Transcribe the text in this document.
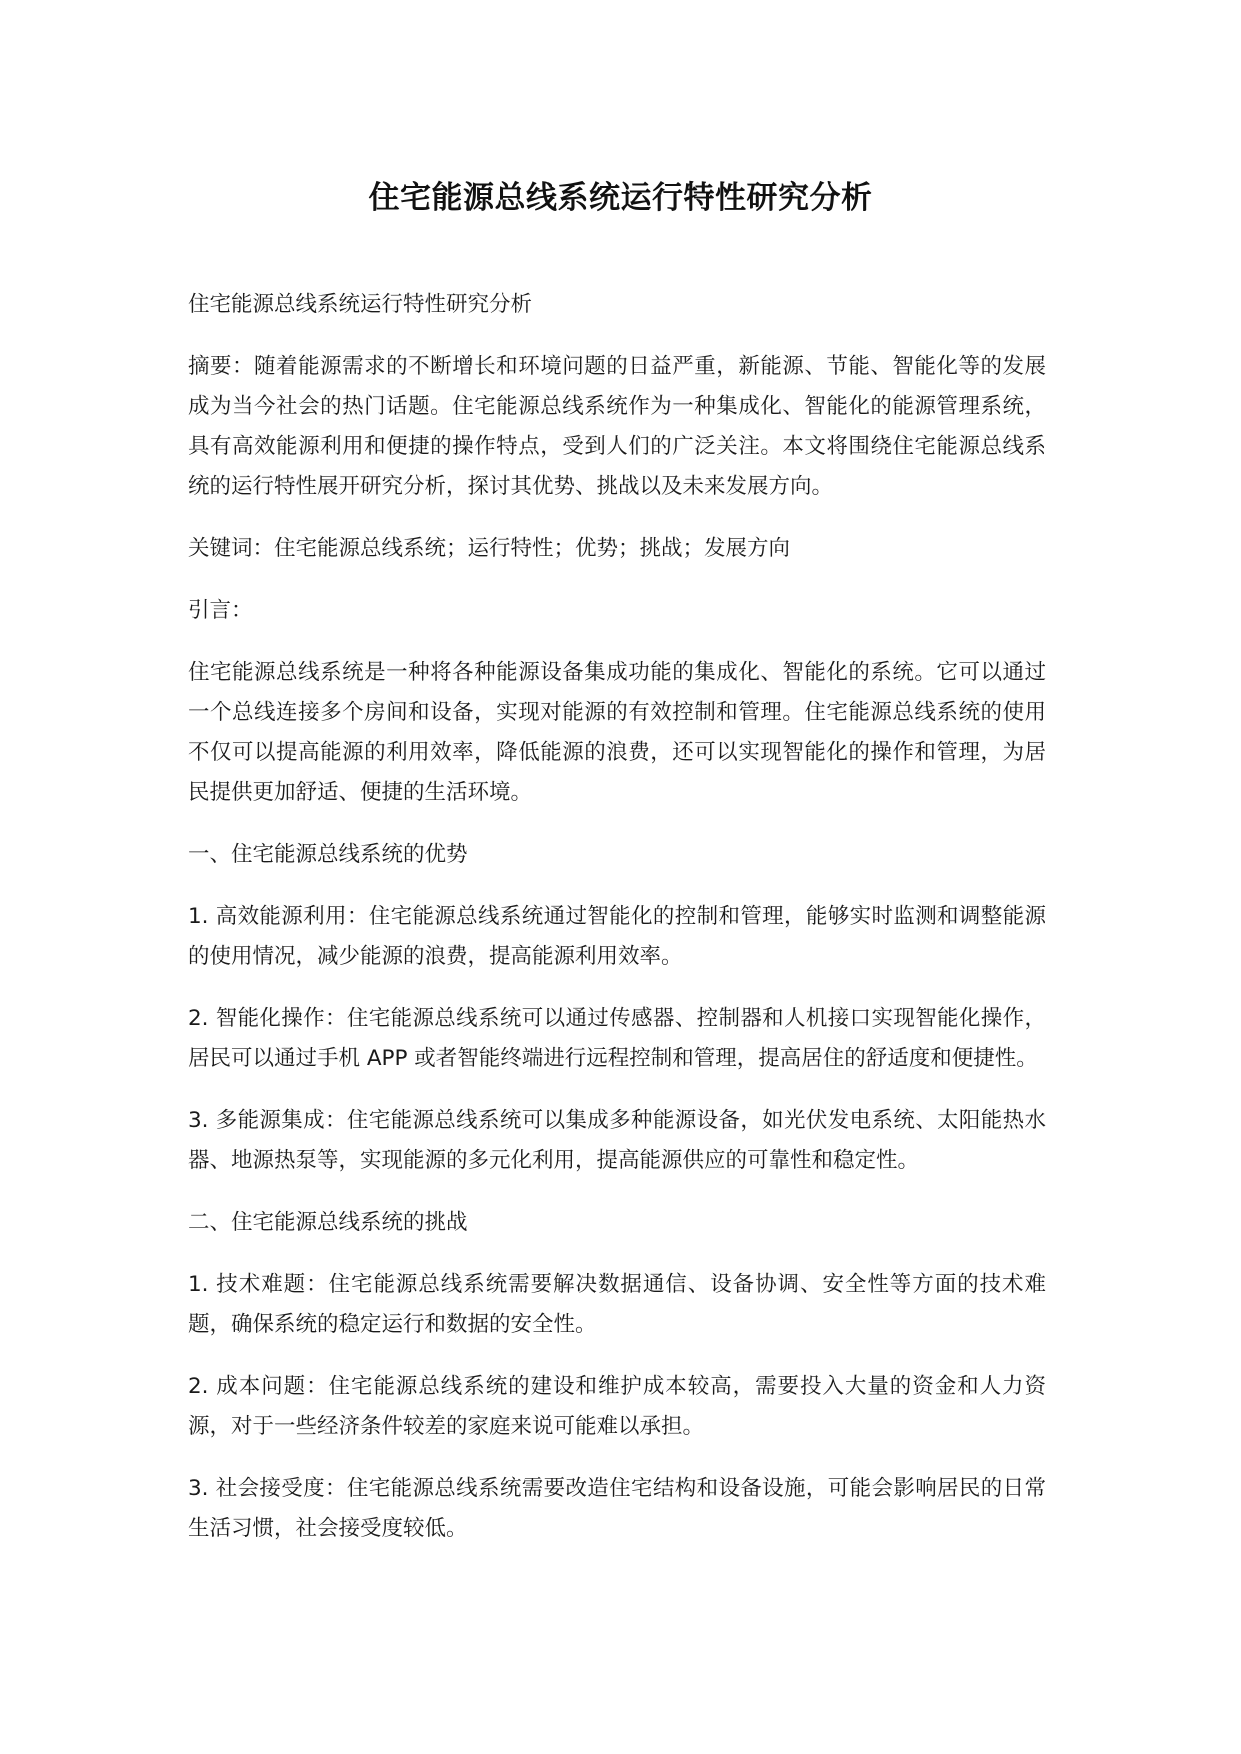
住宅能源总线系统运行特性研究分析

住宅能源总线系统运行特性研究分析

摘要：随着能源需求的不断增长和环境问题的日益严重，新能源、节能、智能化等的发展成为当今社会的热门话题。住宅能源总线系统作为一种集成化、智能化的能源管理系统，具有高效能源利用和便捷的操作特点，受到人们的广泛关注。本文将围绕住宅能源总线系统的运行特性展开研究分析，探讨其优势、挑战以及未来发展方向。

关键词：住宅能源总线系统；运行特性；优势；挑战；发展方向

引言：

住宅能源总线系统是一种将各种能源设备集成功能的集成化、智能化的系统。它可以通过一个总线连接多个房间和设备，实现对能源的有效控制和管理。住宅能源总线系统的使用不仅可以提高能源的利用效率，降低能源的浪费，还可以实现智能化的操作和管理，为居民提供更加舒适、便捷的生活环境。

一、住宅能源总线系统的优势

1. 高效能源利用：住宅能源总线系统通过智能化的控制和管理，能够实时监测和调整能源的使用情况，减少能源的浪费，提高能源利用效率。

2. 智能化操作：住宅能源总线系统可以通过传感器、控制器和人机接口实现智能化操作，居民可以通过手机 APP 或者智能终端进行远程控制和管理，提高居住的舒适度和便捷性。

3. 多能源集成：住宅能源总线系统可以集成多种能源设备，如光伏发电系统、太阳能热水器、地源热泵等，实现能源的多元化利用，提高能源供应的可靠性和稳定性。

二、住宅能源总线系统的挑战

1. 技术难题：住宅能源总线系统需要解决数据通信、设备协调、安全性等方面的技术难题，确保系统的稳定运行和数据的安全性。

2. 成本问题：住宅能源总线系统的建设和维护成本较高，需要投入大量的资金和人力资源，对于一些经济条件较差的家庭来说可能难以承担。

3. 社会接受度：住宅能源总线系统需要改造住宅结构和设备设施，可能会影响居民的日常生活习惯，社会接受度较低。
